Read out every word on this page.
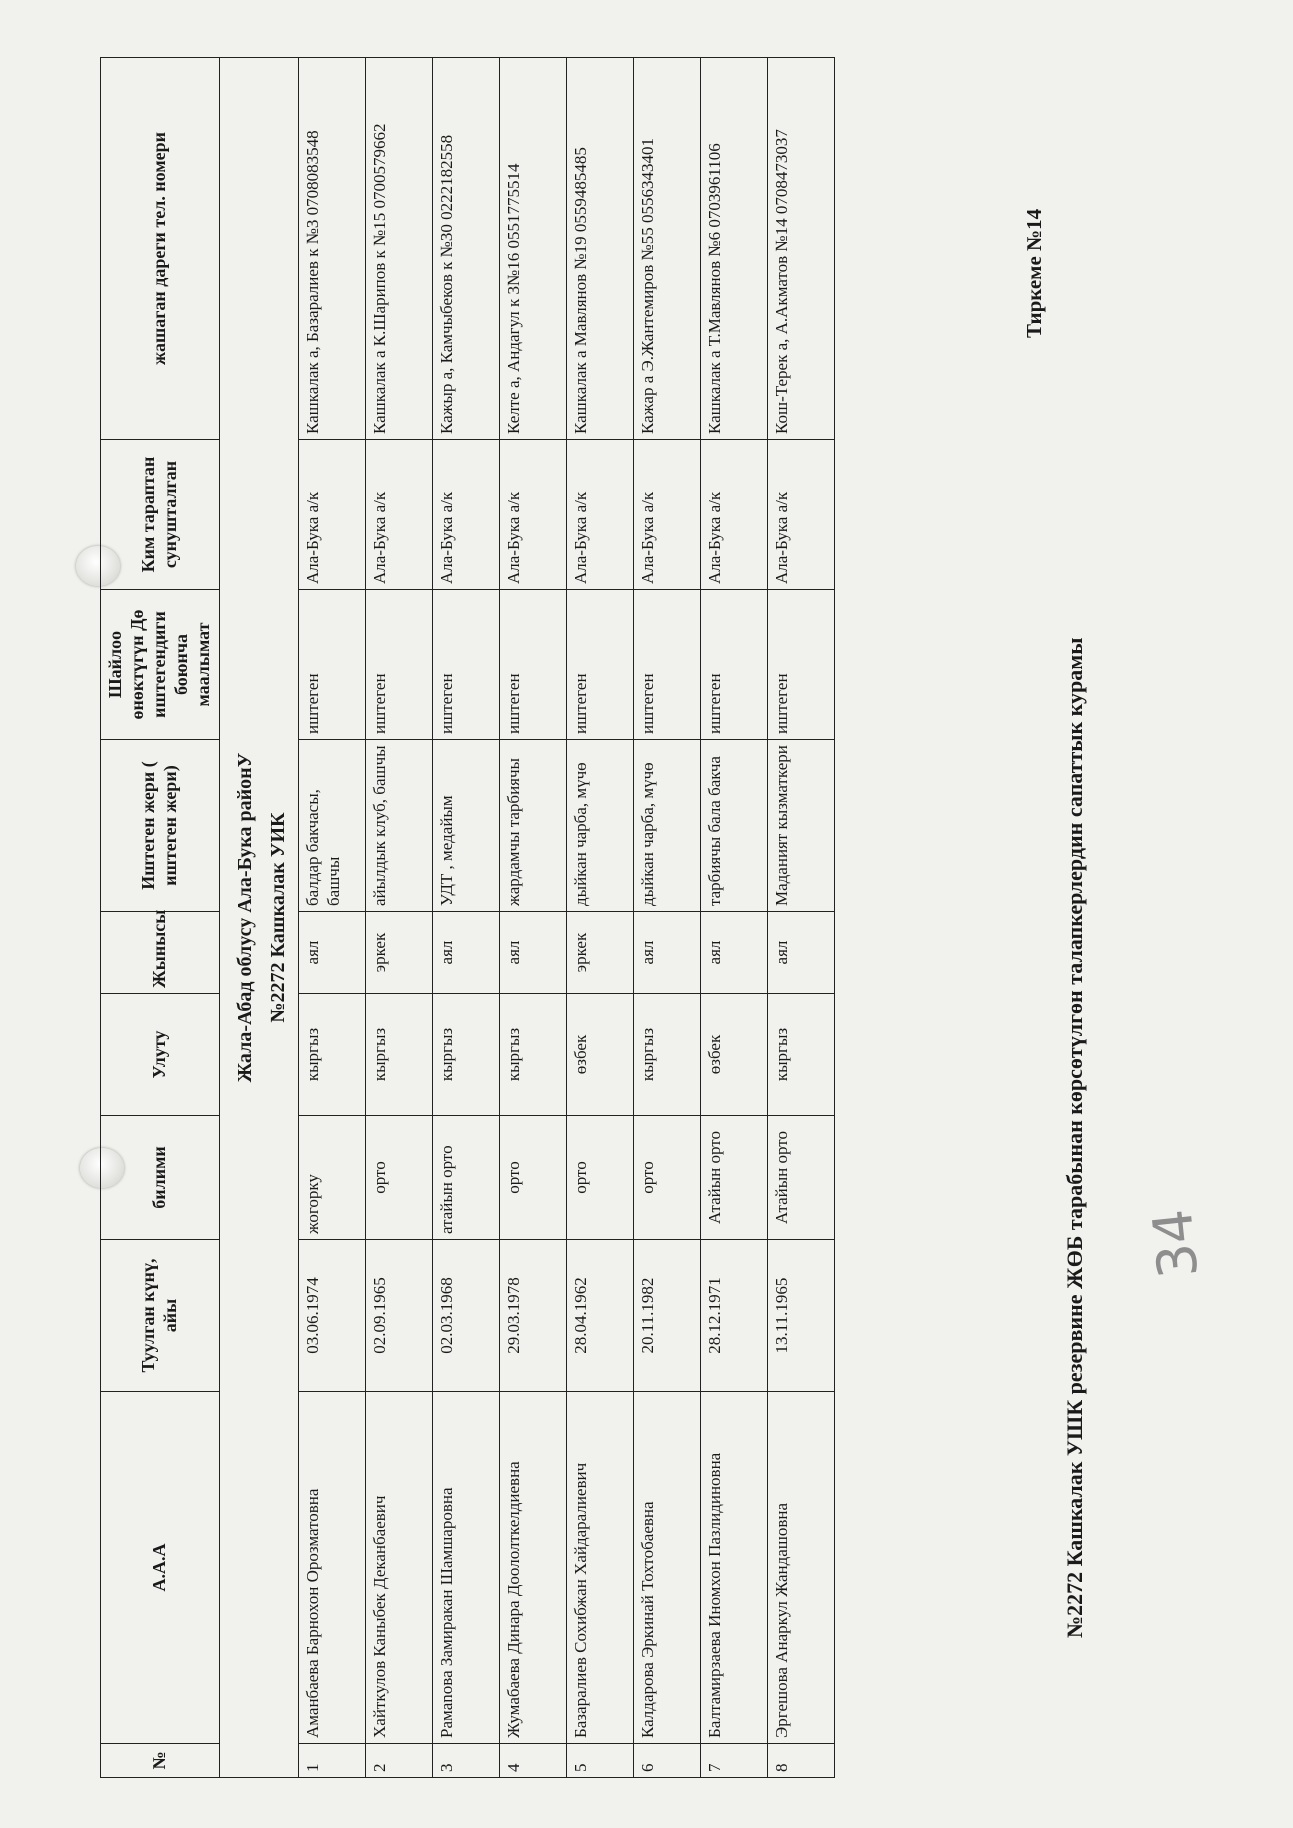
№2272 Кашкалак УШК резервине ЖӨБ тарабынан көрсөтүлгөн талапкерлердин сапаттык курамы
Тиркеме №14
№	А.А.А	Туулган күнү, айы	билими	Улуту	Жынысы	Иштеген жери ( иштеген жери)	Шайлоо өнөктүгүн Дө иштегендиги боюнча маалымат	Ким тараптан сунушталган	жашаган дареги тел. номери
Жала-Абад облусу Ала-Бука районУ									
№2272 Кашкалак УИК									
1	Аманбаева Барнохон Орозматовна	03.06.1974	жогорку	кыргыз	аял	балдар бакчасы, башчы	иштеген	Ала-Бука а/к	Кашкалак а, Базаралиев к №3 0708083548
2	Хайткулов Каныбек Деканбаевич	02.09.1965	орто	кыргыз	эркек	айылдык клуб, башчы	иштеген	Ала-Бука а/к	Кашкалак а К.Шарипов к №15 0700579662
3	Рамanова Замиракан Шамшаровна	02.03.1968	атайын орто	кыргыз	аял	УДТ , медайым	иштеген	Ала-Бука а/к	Кажыр а, Камчыбеков к №30 0222182558
4	Жумабаева Динара Доололткелдиевна	29.03.1978	орто	кыргыз	аял	жардамчы тарбиячы	иштеген	Ала-Бука а/к	Келте а, Андагул к 3№16 0551775514
5	Базаралиев Сохибжан Хайдаралиевич	28.04.1962	орто	өзбек	эркек	дыйкан чарба, мүчө	иштеген	Ала-Бука а/к	Кашкалак а Мавлянов №19 0559485485
6	Калдарова Эркинай Тохтобаевна	20.11.1982	орто	кыргыз	аял	дыйкан чарба, мүчө	иштеген	Ала-Бука а/к	Кажар а Э.Жантемиров №55 0556343401
7	Балтамирзаева Иномхон Пазлидиновна	28.12.1971	Атайын орто	өзбек	аял	тарбиячы бала бакча	иштеген	Ала-Бука а/к	Кашкалак а Т.Мавлянов №6 0703961106
8	Эргешова Анаркул Жандашовна	13.11.1965	Атайын орто	кыргыз	аял	Маданият кызматкери	иштеген	Ала-Бука а/к	Кош-Терек а, А.Акматов №14 0708473037
34
